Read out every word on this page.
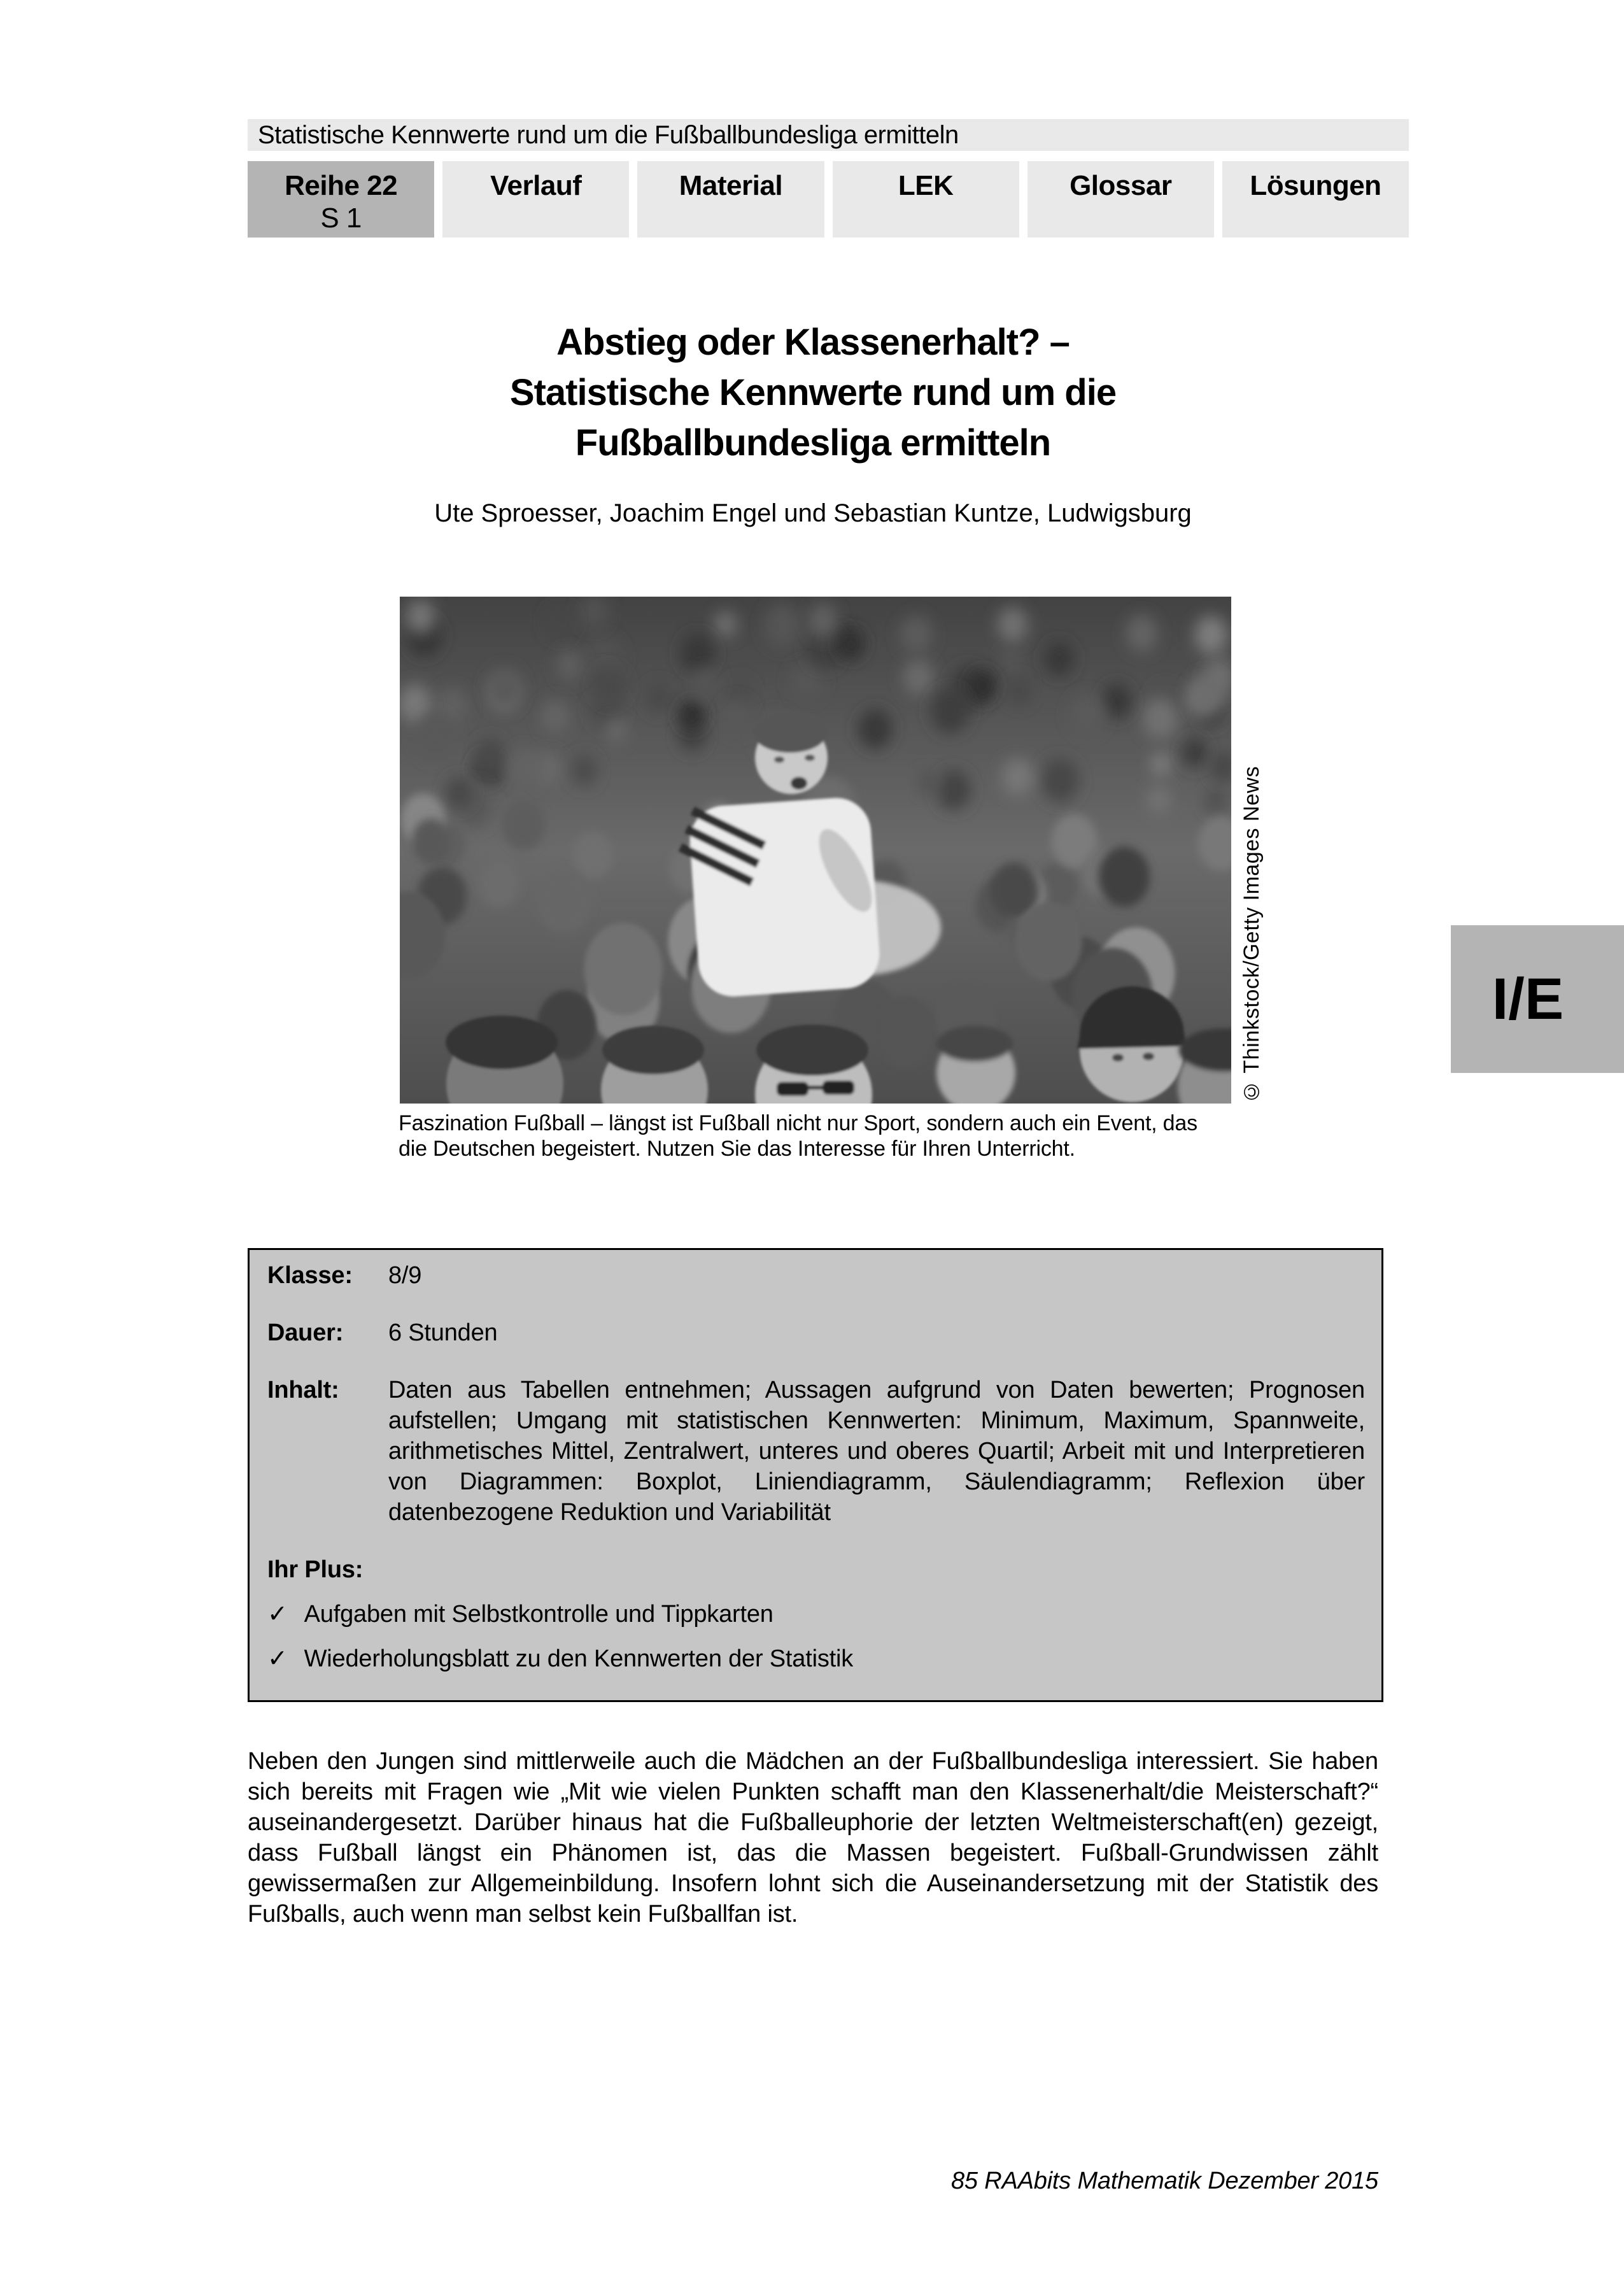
Statistische Kennwerte rund um die Fußballbundesliga ermitteln
Reihe 22
S 1
Verlauf	Material	LEK	Glossar	Lösungen
Abstieg oder Klassenerhalt? –
Statistische Kennwerte rund um die
Fußballbundesliga ermitteln
Ute Sproesser, Joachim Engel und Sebastian Kuntze, Ludwigsburg
© Thinkstock/Getty Images News
Faszination Fußball – längst ist Fußball nicht nur Sport, sondern auch ein Event, das die Deutschen begeistert. Nutzen Sie das Interesse für Ihren Unterricht.
I/E
Klasse:	8/9
Dauer:	6 Stunden
Inhalt:	Daten aus Tabellen entnehmen; Aussagen aufgrund von Daten bewerten; Prognosen aufstellen; Umgang mit statistischen Kennwerten: Minimum, Maximum, Spannweite, arithmetisches Mittel, Zentralwert, unteres und oberes Quartil; Arbeit mit und Interpretieren von Diagrammen: Boxplot, Liniendiagramm, Säulendiagramm; Reflexion über datenbezogene Reduktion und Variabilität
Ihr Plus:
✓ Aufgaben mit Selbstkontrolle und Tippkarten
✓ Wiederholungsblatt zu den Kennwerten der Statistik
Neben den Jungen sind mittlerweile auch die Mädchen an der Fußballbundesliga interessiert. Sie haben sich bereits mit Fragen wie „Mit wie vielen Punkten schafft man den Klassenerhalt/die Meisterschaft?“ auseinandergesetzt. Darüber hinaus hat die Fußballeuphorie der letzten Weltmeisterschaft(en) gezeigt, dass Fußball längst ein Phänomen ist, das die Massen begeistert. Fußball-Grundwissen zählt gewissermaßen zur Allgemeinbildung. Insofern lohnt sich die Auseinandersetzung mit der Statistik des Fußballs, auch wenn man selbst kein Fußballfan ist.
85 RAAbits Mathematik Dezember 2015
